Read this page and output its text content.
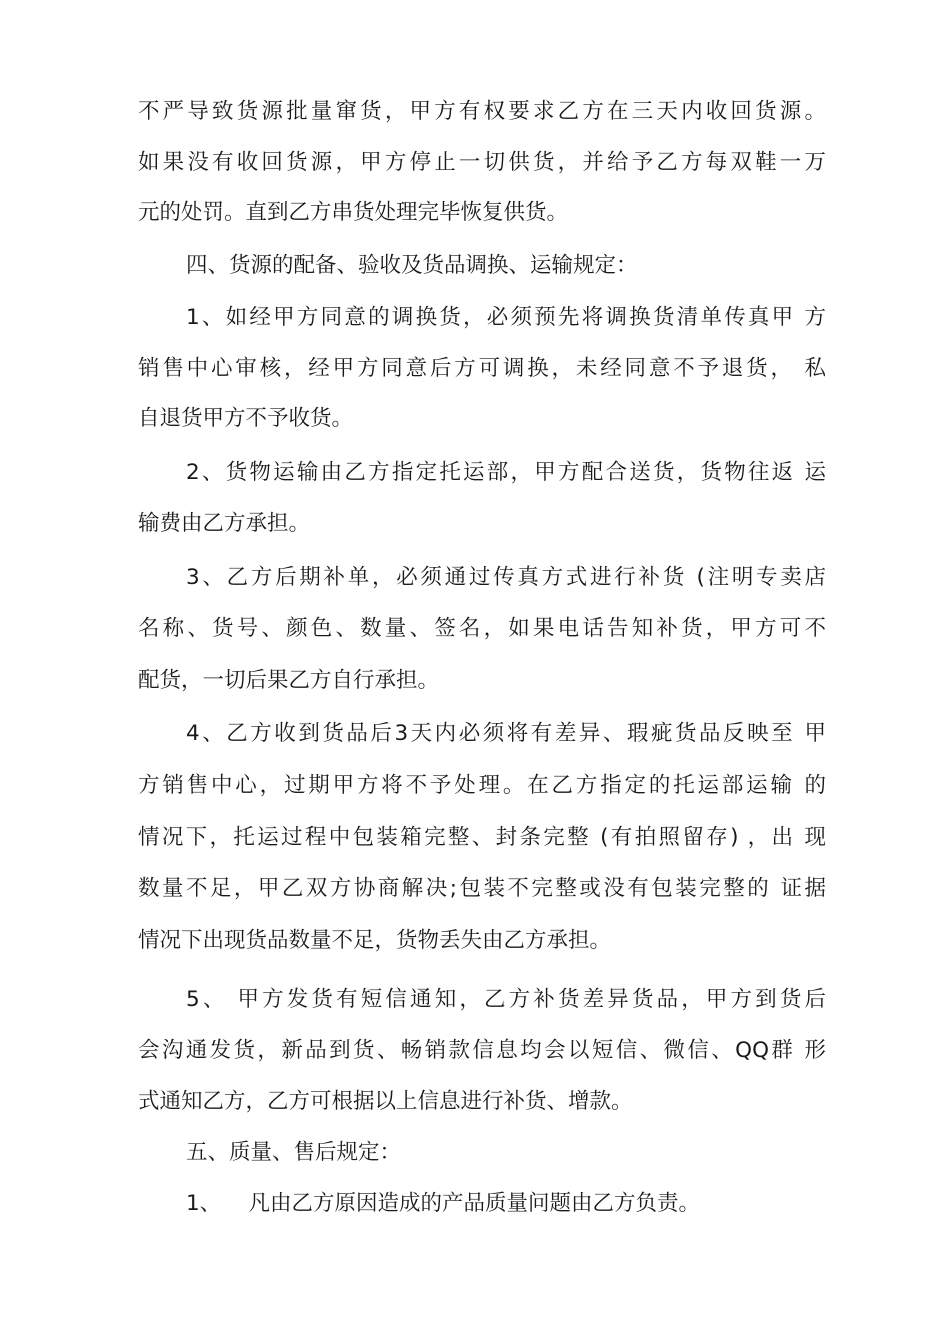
不严导致货源批量窜货，甲方有权要求乙方在三天内收回货源。
如果没有收回货源，甲方停止一切供货，并给予乙方每双鞋一万
元的处罚。直到乙方串货处理完毕恢复供货。
四、货源的配备、验收及货品调换、运输规定：
1、如经甲方同意的调换货，必须预先将调换货清单传真甲 方
销售中心审核，经甲方同意后方可调换，未经同意不予退货， 私
自退货甲方不予收货。
2、货物运输由乙方指定托运部，甲方配合送货，货物往返 运
输费由乙方承担。
3、乙方后期补单，必须通过传真方式进行补货 (注明专卖店
名称、货号、颜色、数量、签名，如果电话告知补货，甲方可不
配货，一切后果乙方自行承担。
4、乙方收到货品后3天内必须将有差异、瑕疵货品反映至 甲
方销售中心，过期甲方将不予处理。在乙方指定的托运部运输 的
情况下，托运过程中包装箱完整、封条完整 (有拍照留存) ，出 现
数量不足，甲乙双方协商解决;包装不完整或没有包装完整的 证据
情况下出现货品数量不足，货物丢失由乙方承担。
5、 甲方发货有短信通知，乙方补货差异货品，甲方到货后
会沟通发货，新品到货、畅销款信息均会以短信、微信、QQ群 形
式通知乙方，乙方可根据以上信息进行补货、增款。
五、质量、售后规定：
1、    凡由乙方原因造成的产品质量问题由乙方负责。
